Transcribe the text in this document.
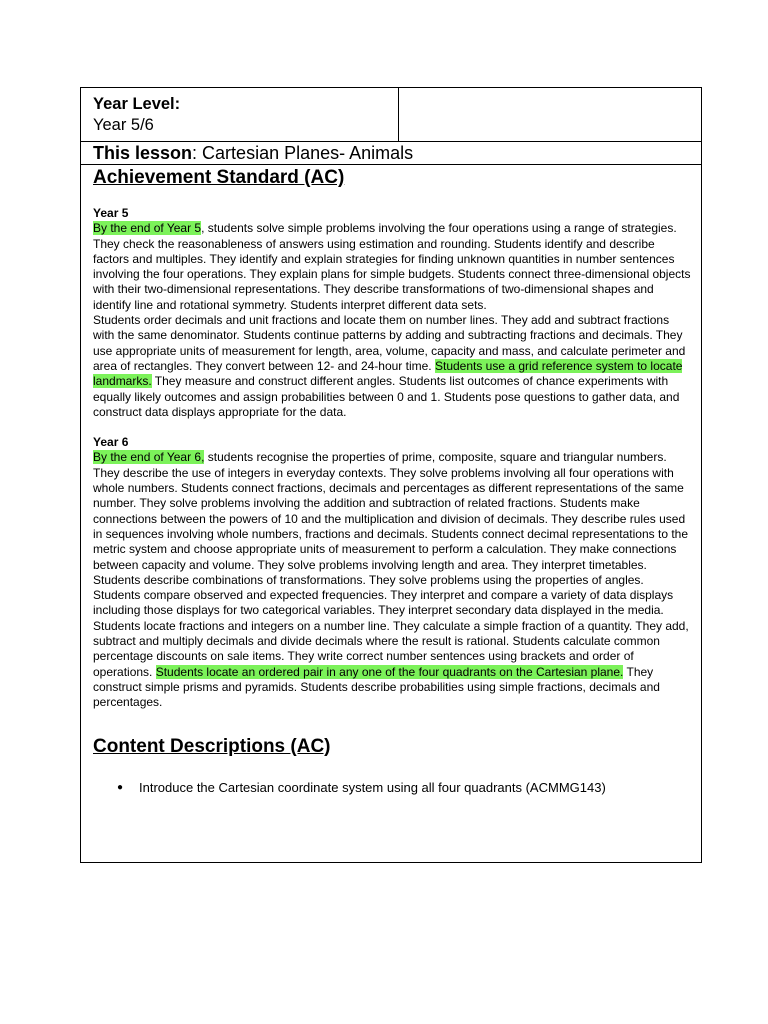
Year Level:
Year 5/6
This lesson: Cartesian Planes- Animals
Achievement Standard (AC)
Year 5

By the end of Year 5, students solve simple problems involving the four operations using a range of strategies. They check the reasonableness of answers using estimation and rounding. Students identify and describe factors and multiples. They identify and explain strategies for finding unknown quantities in number sentences involving the four operations. They explain plans for simple budgets. Students connect three-dimensional objects with their two-dimensional representations. They describe transformations of two-dimensional shapes and identify line and rotational symmetry. Students interpret different data sets.

Students order decimals and unit fractions and locate them on number lines. They add and subtract fractions with the same denominator. Students continue patterns by adding and subtracting fractions and decimals. They use appropriate units of measurement for length, area, volume, capacity and mass, and calculate perimeter and area of rectangles. They convert between 12- and 24-hour time. Students use a grid reference system to locate landmarks. They measure and construct different angles. Students list outcomes of chance experiments with equally likely outcomes and assign probabilities between 0 and 1. Students pose questions to gather data, and construct data displays appropriate for the data.

Year 6

By the end of Year 6, students recognise the properties of prime, composite, square and triangular numbers. They describe the use of integers in everyday contexts. They solve problems involving all four operations with whole numbers. Students connect fractions, decimals and percentages as different representations of the same number. They solve problems involving the addition and subtraction of related fractions. Students make connections between the powers of 10 and the multiplication and division of decimals. They describe rules used in sequences involving whole numbers, fractions and decimals. Students connect decimal representations to the metric system and choose appropriate units of measurement to perform a calculation. They make connections between capacity and volume. They solve problems involving length and area. They interpret timetables. Students describe combinations of transformations. They solve problems using the properties of angles. Students compare observed and expected frequencies. They interpret and compare a variety of data displays including those displays for two categorical variables. They interpret secondary data displayed in the media.

Students locate fractions and integers on a number line. They calculate a simple fraction of a quantity. They add, subtract and multiply decimals and divide decimals where the result is rational. Students calculate common percentage discounts on sale items. They write correct number sentences using brackets and order of operations. Students locate an ordered pair in any one of the four quadrants on the Cartesian plane. They construct simple prisms and pyramids. Students describe probabilities using simple fractions, decimals and percentages.

Content Descriptions (AC)
● Introduce the Cartesian coordinate system using all four quadrants (ACMMG143)
